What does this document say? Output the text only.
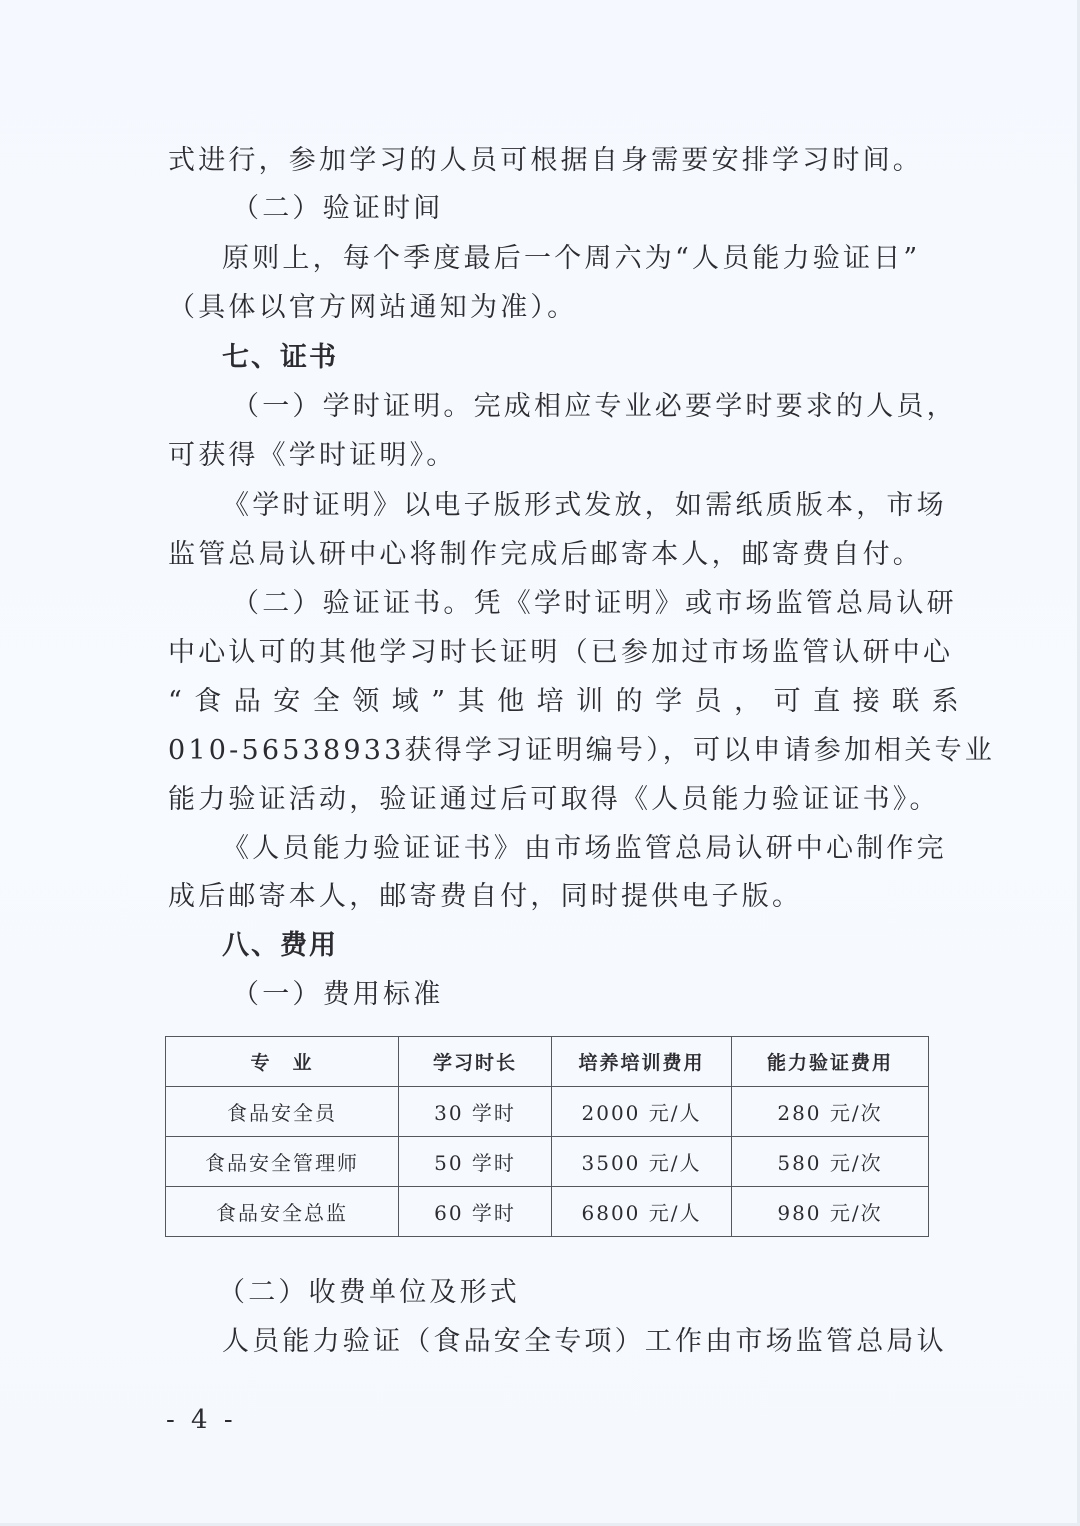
式进行，参加学习的人员可根据自身需要安排学习时间。
（二）验证时间
原则上，每个季度最后一个周六为“人员能力验证日”
（具体以官方网站通知为准）。
七、证书
（一）学时证明。完成相应专业必要学时要求的人员，
可获得《学时证明》。
《学时证明》以电子版形式发放，如需纸质版本，市场
监管总局认研中心将制作完成后邮寄本人，邮寄费自付。
（二）验证证书。凭《学时证明》或市场监管总局认研
中心认可的其他学习时长证明（已参加过市场监管认研中心
“食品安全领域”其他培训的学员，可直接联系
010-56538933获得学习证明编号），可以申请参加相关专业
能力验证活动，验证通过后可取得《人员能力验证证书》。
《人员能力验证证书》由市场监管总局认研中心制作完
成后邮寄本人，邮寄费自付，同时提供电子版。
八、费用
（一）费用标准
专　业	学习时长	培养培训费用	能力验证费用
食品安全员	30 学时	2000 元/人	280 元/次
食品安全管理师	50 学时	3500 元/人	580 元/次
食品安全总监	60 学时	6800 元/人	980 元/次
（二）收费单位及形式
人员能力验证（食品安全专项）工作由市场监管总局认
- 4 -
